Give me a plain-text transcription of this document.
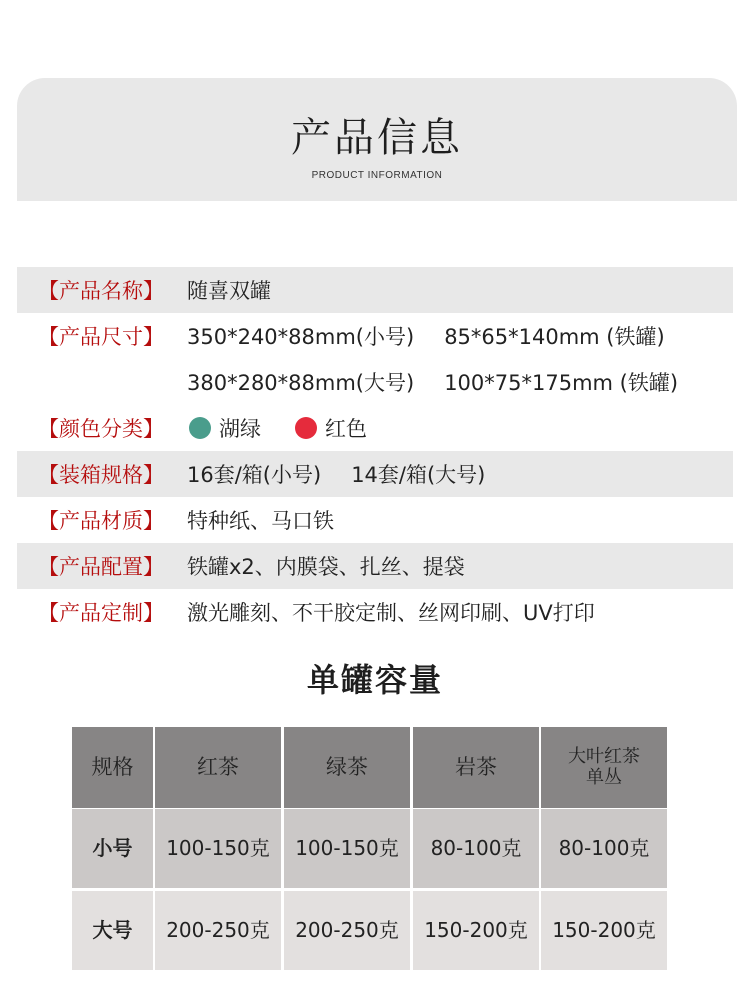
产品信息
PRODUCT INFORMATION
【产品名称】	随喜双罐
【产品尺寸】	350*240*88mm(小号) 85*65*140mm (铁罐)
380*280*88mm(大号) 100*75*175mm (铁罐)
【颜色分类】	湖绿	红色
【装箱规格】	16套/箱(小号) 14套/箱(大号)
【产品材质】	特种纸、马口铁
【产品配置】	铁罐x2、内膜袋、扎丝、提袋
【产品定制】	激光雕刻、不干胶定制、丝网印刷、UV打印
单罐容量
规格	红茶	绿茶	岩茶	大叶红茶
单丛
小号 100-150克 100-150克 80-100克 80-100克
大号 200-250克 200-250克 150-200克 150-200克
